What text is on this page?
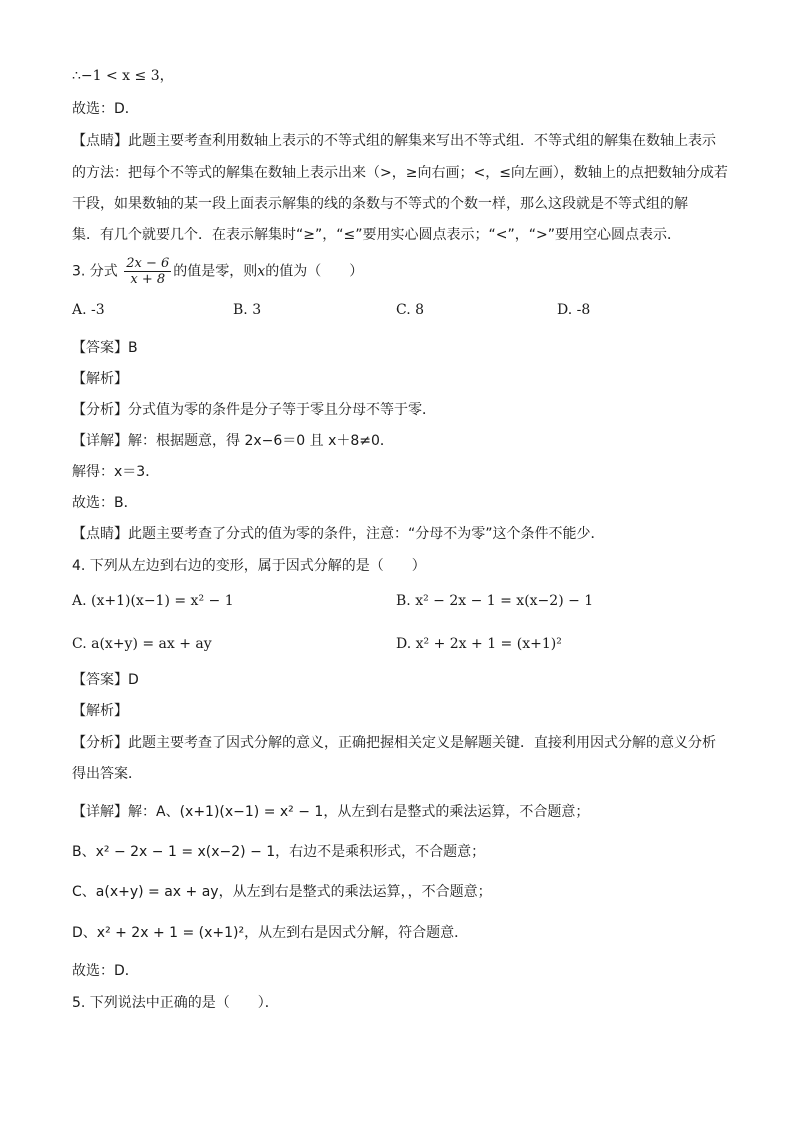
∴−1 < x ≤ 3，
故选：D．
【点睛】此题主要考查利用数轴上表示的不等式组的解集来写出不等式组．不等式组的解集在数轴上表示
的方法：把每个不等式的解集在数轴上表示出来（>，≥向右画；<，≤向左画），数轴上的点把数轴分成若
干段，如果数轴的某一段上面表示解集的线的条数与不等式的个数一样，那么这段就是不等式组的解
集．有几个就要几个．在表示解集时“≥”，“≤”要用实心圆点表示；“<”，“>”要用空心圆点表示．
3. 分式 $\frac{2x - 6}{x + 8}$ 的值是零，则x的值为（　　）
A. -3	B. 3	C. 8	D. -8
【答案】B
【解析】
【分析】分式值为零的条件是分子等于零且分母不等于零．
【详解】解：根据题意，得 2x−6＝0 且 x＋8≠0．
解得：x＝3．
故选：B．
【点睛】此题主要考查了分式的值为零的条件，注意：“分母不为零”这个条件不能少．
4. 下列从左边到右边的变形，属于因式分解的是（　　）
A. (x+1)(x−1) = x² − 1	B. x² − 2x − 1 = x(x−2) − 1
C. a(x+y) = ax + ay	D. x² + 2x + 1 = (x+1)²
【答案】D
【解析】
【分析】此题主要考查了因式分解的意义，正确把握相关定义是解题关键．直接利用因式分解的意义分析
得出答案．
【详解】解：A、(x+1)(x−1) = x² − 1，从左到右是整式的乘法运算，不合题意；
B、x² − 2x − 1 = x(x−2) − 1，右边不是乘积形式，不合题意；
C、a(x+y) = ax + ay，从左到右是整式的乘法运算，，不合题意；
D、x² + 2x + 1 = (x+1)²，从左到右是因式分解，符合题意．
故选：D．
5. 下列说法中正确的是（　　）．
